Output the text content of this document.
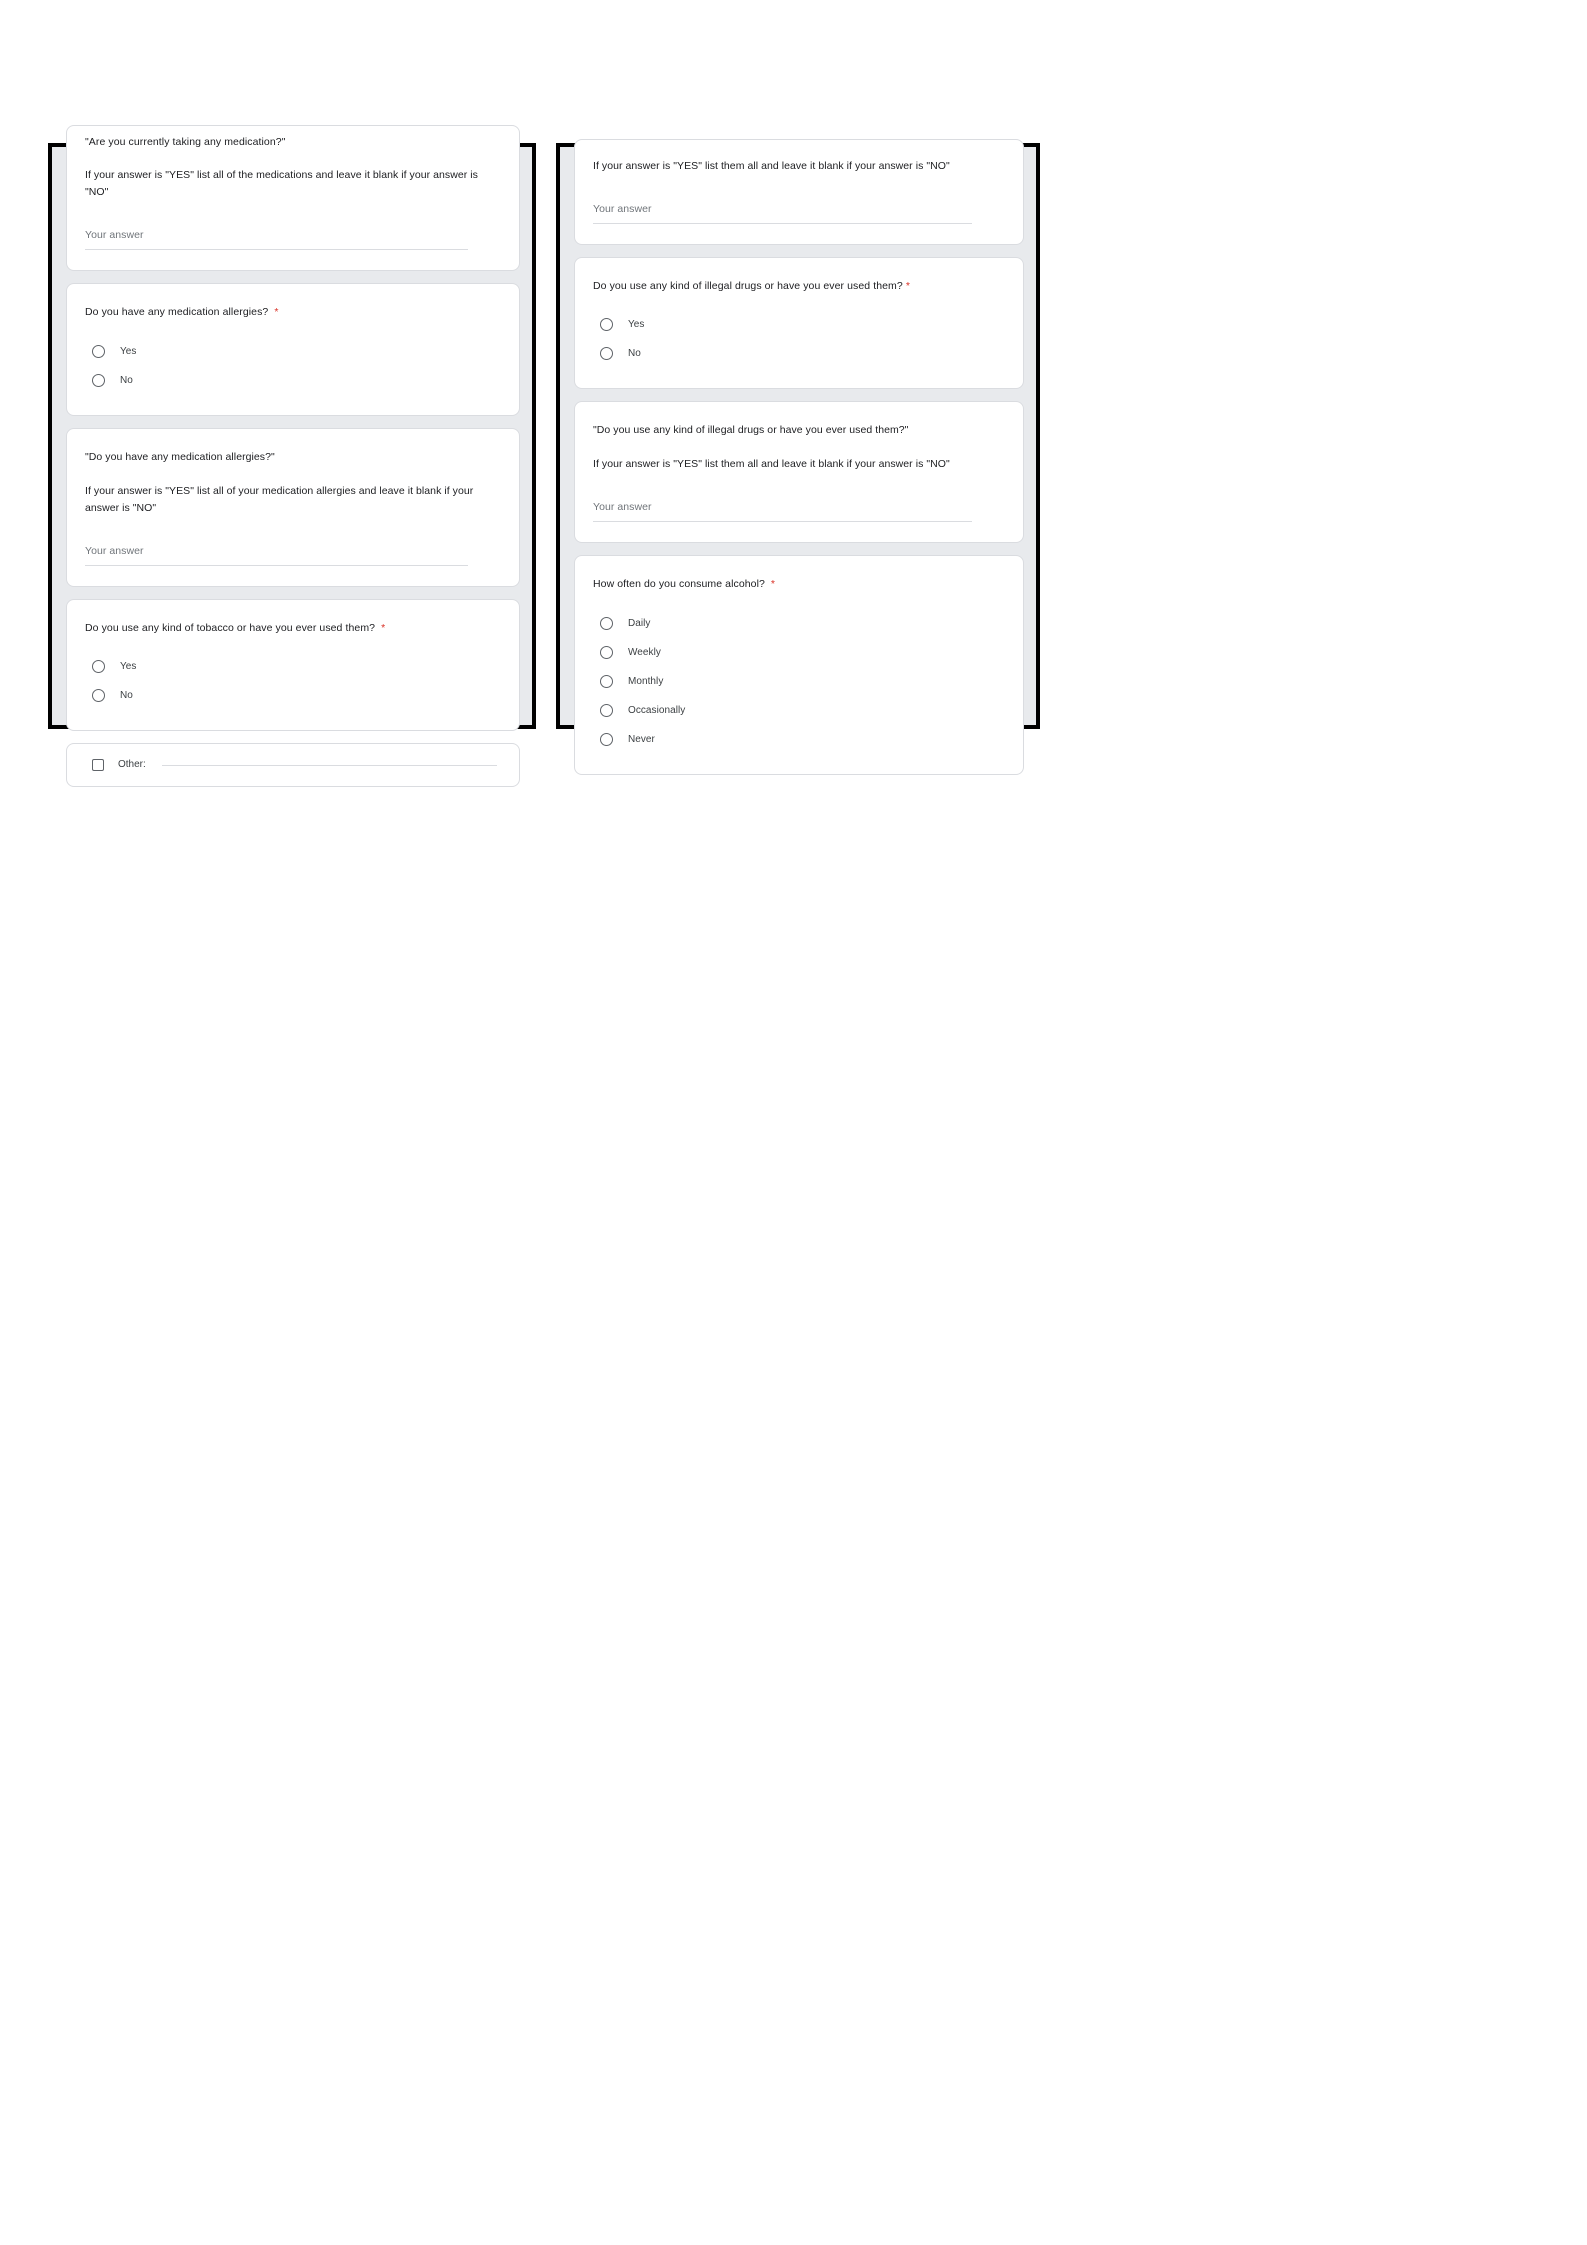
"Are you currently taking any medication?"
If your answer is "YES" list all of the medications and leave it blank if your answer is "NO"
Your answer
Do you have any medication allergies? *
Yes
No
"Do you have any medication allergies?"
If your answer is "YES" list all of your medication allergies and leave it blank if your answer is "NO"
Your answer
Do you use any kind of tobacco or have you ever used them? *
Yes
No
Other:
If your answer is "YES" list them all and leave it blank if your answer is "NO"
Your answer
Do you use any kind of illegal drugs or have you ever used them? *
Yes
No
"Do you use any kind of illegal drugs or have you ever used them?"
If your answer is "YES" list them all and leave it blank if your answer is "NO"
Your answer
How often do you consume alcohol? *
Daily
Weekly
Monthly
Occasionally
Never
